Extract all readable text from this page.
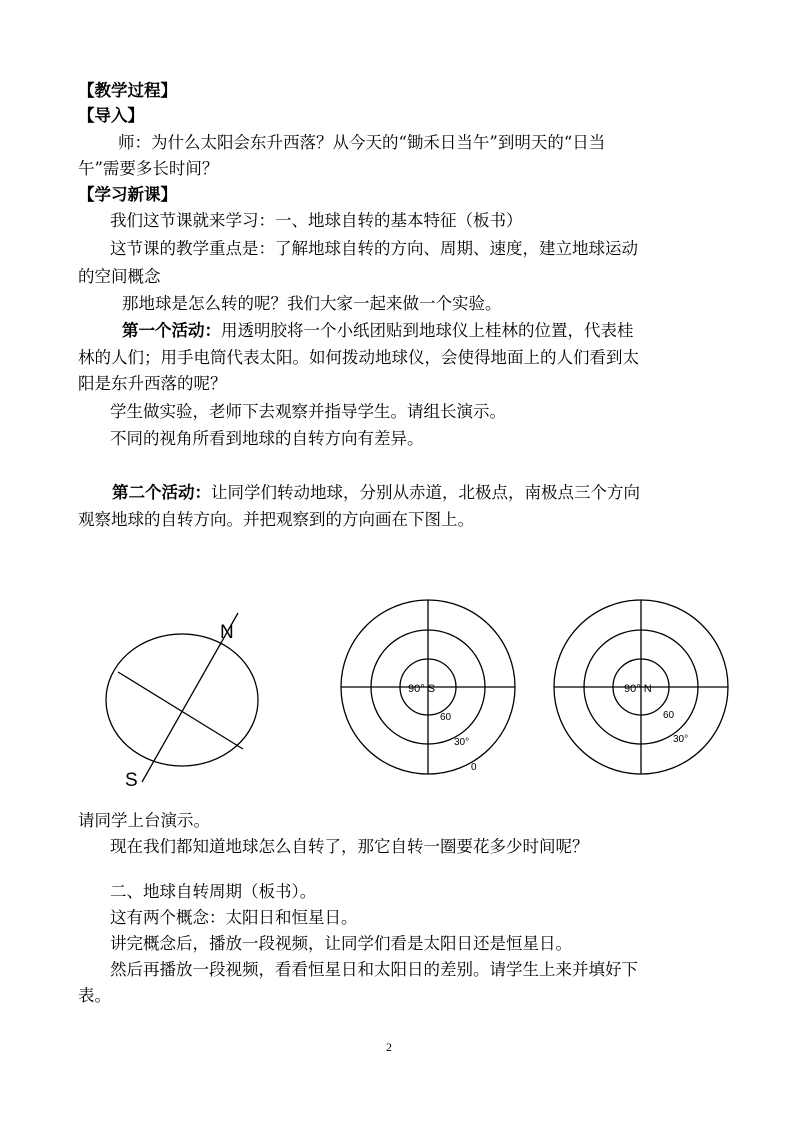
【教学过程】
【导入】
师：为什么太阳会东升西落？从今天的“锄禾日当午”到明天的“日当
午”需要多长时间？
【学习新课】
我们这节课就来学习：一、地球自转的基本特征（板书）
这节课的教学重点是：了解地球自转的方向、周期、速度，建立地球运动
的空间概念
那地球是怎么转的呢？我们大家一起来做一个实验。
第一个活动：用透明胶将一个小纸团贴到地球仪上桂林的位置，代表桂
林的人们；用手电筒代表太阳。如何拨动地球仪，会使得地面上的人们看到太
阳是东升西落的呢？
学生做实验，老师下去观察并指导学生。请组长演示。
不同的视角所看到地球的自转方向有差异。
第二个活动：让同学们转动地球，分别从赤道，北极点，南极点三个方向
观察地球的自转方向。并把观察到的方向画在下图上。
N
S
90° S
60
30°
0
90° N
60
30°
请同学上台演示。
现在我们都知道地球怎么自转了，那它自转一圈要花多少时间呢？
二、地球自转周期（板书）。
这有两个概念：太阳日和恒星日。
讲完概念后，播放一段视频，让同学们看是太阳日还是恒星日。
然后再播放一段视频，看看恒星日和太阳日的差别。请学生上来并填好下
表。
2
